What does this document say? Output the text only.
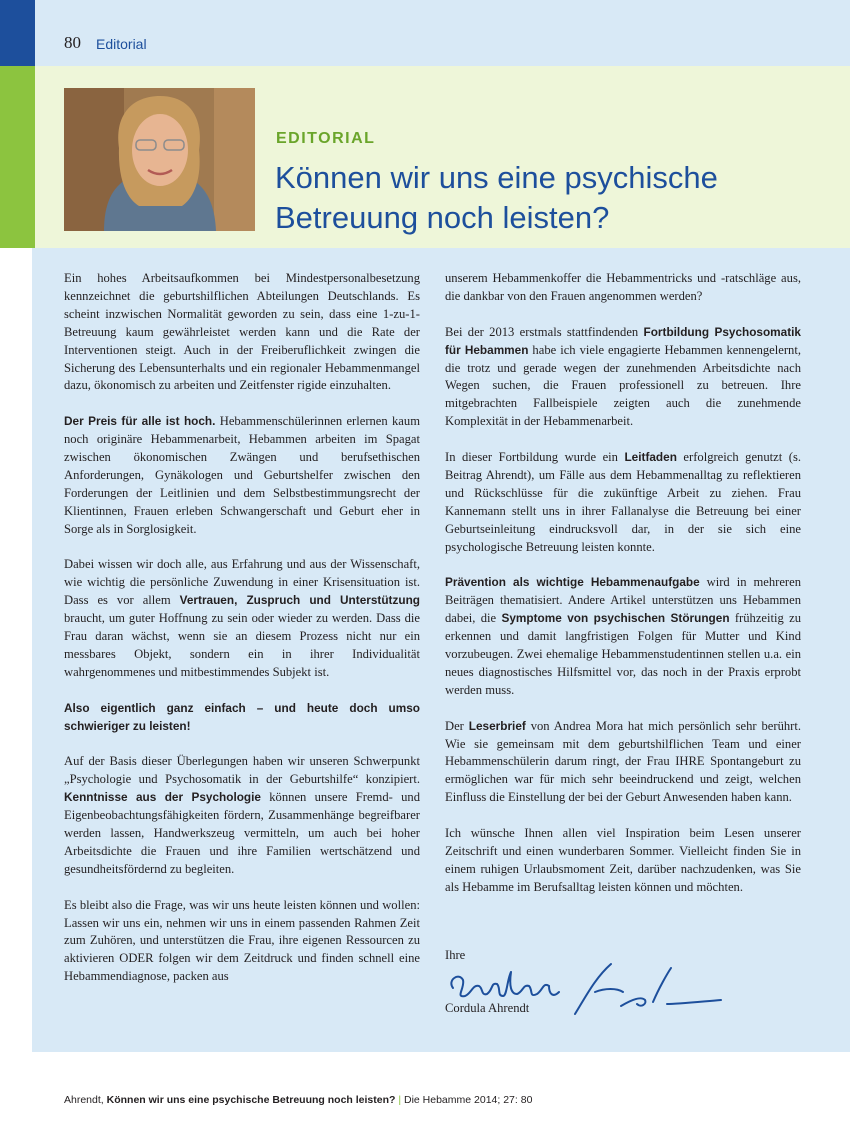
80 Editorial
EDITORIAL
Können wir uns eine psychische Betreuung noch leisten?

Ein hohes Arbeitsaufkommen bei Mindestpersonalbesetzung kennzeichnet die geburtshilflichen Abteilungen Deutschlands. Es scheint inzwischen Normalität geworden zu sein, dass eine 1-zu-1-Betreuung kaum gewährleistet werden kann und die Rate der Interventionen steigt. Auch in der Freiberuflichkeit zwingen die Sicherung des Lebensunterhalts und ein regionaler Hebammenmangel dazu, ökonomisch zu arbeiten und Zeitfenster rigide einzuhalten.

Der Preis für alle ist hoch. Hebammenschülerinnen erlernen kaum noch originäre Hebammenarbeit, Hebammen arbeiten im Spagat zwischen ökonomischen Zwängen und berufsethischen Anforderungen, Gynäkologen und Geburtshelfer zwischen den Forderungen der Leitlinien und dem Selbstbestimmungsrecht der Klientinnen, Frauen erleben Schwangerschaft und Geburt eher in Sorge als in Sorglosigkeit.

Dabei wissen wir doch alle, aus Erfahrung und aus der Wissenschaft, wie wichtig die persönliche Zuwendung in einer Krisensituation ist. Dass es vor allem Vertrauen, Zuspruch und Unterstützung braucht, um guter Hoffnung zu sein oder wieder zu werden. Dass die Frau daran wächst, wenn sie an diesem Prozess nicht nur ein messbares Objekt, sondern ein in ihrer Individualität wahrgenommenes und mitbestimmendes Subjekt ist.

Also eigentlich ganz einfach – und heute doch umso schwieriger zu leisten!

Auf der Basis dieser Überlegungen haben wir unseren Schwerpunkt „Psychologie und Psychosomatik in der Geburtshilfe“ konzipiert. Kenntnisse aus der Psychologie können unsere Fremd- und Eigenbeobachtungsfähigkeiten fördern, Zusammenhänge begreifbarer werden lassen, Handwerkszeug vermitteln, um auch bei hoher Arbeitsdichte die Frauen und ihre Familien wertschätzend und gesundheitsfördernd zu begleiten.

Es bleibt also die Frage, was wir uns heute leisten können und wollen: Lassen wir uns ein, nehmen wir uns in einem passenden Rahmen Zeit zum Zuhören, und unterstützen die Frau, ihre eigenen Ressourcen zu aktivieren ODER folgen wir dem Zeitdruck und finden schnell eine Hebammendiagnose, packen aus

unserem Hebammenkoffer die Hebammentricks und -ratschläge aus, die dankbar von den Frauen angenommen werden?

Bei der 2013 erstmals stattfindenden Fortbildung Psychosomatik für Hebammen habe ich viele engagierte Hebammen kennengelernt, die trotz und gerade wegen der zunehmenden Arbeitsdichte nach Wegen suchen, die Frauen professionell zu betreuen. Ihre mitgebrachten Fallbeispiele zeigten auch die zunehmende Komplexität in der Hebammenarbeit.

In dieser Fortbildung wurde ein Leitfaden erfolgreich genutzt (s. Beitrag Ahrendt), um Fälle aus dem Hebammenalltag zu reflektieren und Rückschlüsse für die zukünftige Arbeit zu ziehen. Frau Kannemann stellt uns in ihrer Fallanalyse die Betreuung bei einer Geburtseinleitung eindrucksvoll dar, in der sie sich eine psychologische Betreuung leisten konnte.

Prävention als wichtige Hebammenaufgabe wird in mehreren Beiträgen thematisiert. Andere Artikel unterstützen uns Hebammen dabei, die Symptome von psychischen Störungen frühzeitig zu erkennen und damit langfristigen Folgen für Mutter und Kind vorzubeugen. Zwei ehemalige Hebammenstudentinnen stellen u.a. ein neues diagnostisches Hilfsmittel vor, das noch in der Praxis erprobt werden muss.

Der Leserbrief von Andrea Mora hat mich persönlich sehr berührt. Wie sie gemeinsam mit dem geburtshilflichen Team und einer Hebammenschülerin darum ringt, der Frau IHRE Spontangeburt zu ermöglichen war für mich sehr beeindruckend und zeigt, welchen Einfluss die Einstellung der bei der Geburt Anwesenden haben kann.

Ich wünsche Ihnen allen viel Inspiration beim Lesen unserer Zeitschrift und einen wunderbaren Sommer. Vielleicht finden Sie in einem ruhigen Urlaubsmoment Zeit, darüber nachzudenken, was Sie als Hebamme im Berufsalltag leisten können und möchten.

Ihre
Cordula Ahrendt
Ahrendt, Können wir uns eine psychische Betreuung noch leisten? | Die Hebamme 2014; 27: 80
